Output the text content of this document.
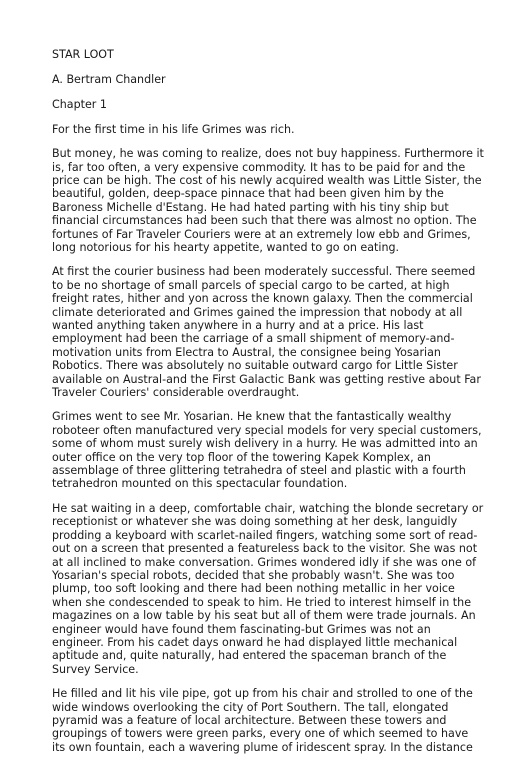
STAR LOOT

A. Bertram Chandler

Chapter 1

For the first time in his life Grimes was rich.

But money, he was coming to realize, does not buy happiness. Furthermore it is, far too often, a very expensive commodity. It has to be paid for and the price can be high. The cost of his newly acquired wealth was Little Sister, the beautiful, golden, deep-space pinnace that had been given him by the Baroness Michelle d'Estang. He had hated parting with his tiny ship but financial circumstances had been such that there was almost no option. The fortunes of Far Traveler Couriers were at an extremely low ebb and Grimes, long notorious for his hearty appetite, wanted to go on eating.

At first the courier business had been moderately successful. There seemed to be no shortage of small parcels of special cargo to be carted, at high freight rates, hither and yon across the known galaxy. Then the commercial climate deteriorated and Grimes gained the impression that nobody at all wanted anything taken anywhere in a hurry and at a price. His last employment had been the carriage of a small shipment of memory-and-motivation units from Electra to Austral, the consignee being Yosarian Robotics. There was absolutely no suitable outward cargo for Little Sister available on Austral-and the First Galactic Bank was getting restive about Far Traveler Couriers' considerable overdraught.

Grimes went to see Mr. Yosarian. He knew that the fantastically wealthy roboteer often manufactured very special models for very special customers, some of whom must surely wish delivery in a hurry. He was admitted into an outer office on the very top floor of the towering Kapek Komplex, an assemblage of three glittering tetrahedra of steel and plastic with a fourth tetrahedron mounted on this spectacular foundation.

He sat waiting in a deep, comfortable chair, watching the blonde secretary or receptionist or whatever she was doing something at her desk, languidly prodding a keyboard with scarlet-nailed fingers, watching some sort of read-out on a screen that presented a featureless back to the visitor. She was not at all inclined to make conversation. Grimes wondered idly if she was one of Yosarian's special robots, decided that she probably wasn't. She was too plump, too soft looking and there had been nothing metallic in her voice when she condescended to speak to him. He tried to interest himself in the magazines on a low table by his seat but all of them were trade journals. An engineer would have found them fascinating-but Grimes was not an engineer. From his cadet days onward he had displayed little mechanical aptitude and, quite naturally, had entered the spaceman branch of the Survey Service.

He filled and lit his vile pipe, got up from his chair and strolled to one of the wide windows overlooking the city of Port Southern. The tall, elongated pyramid was a feature of local architecture. Between these towers and groupings of towers were green parks, every one of which seemed to have its own fountain, each a wavering plume of iridescent spray. In the distance
